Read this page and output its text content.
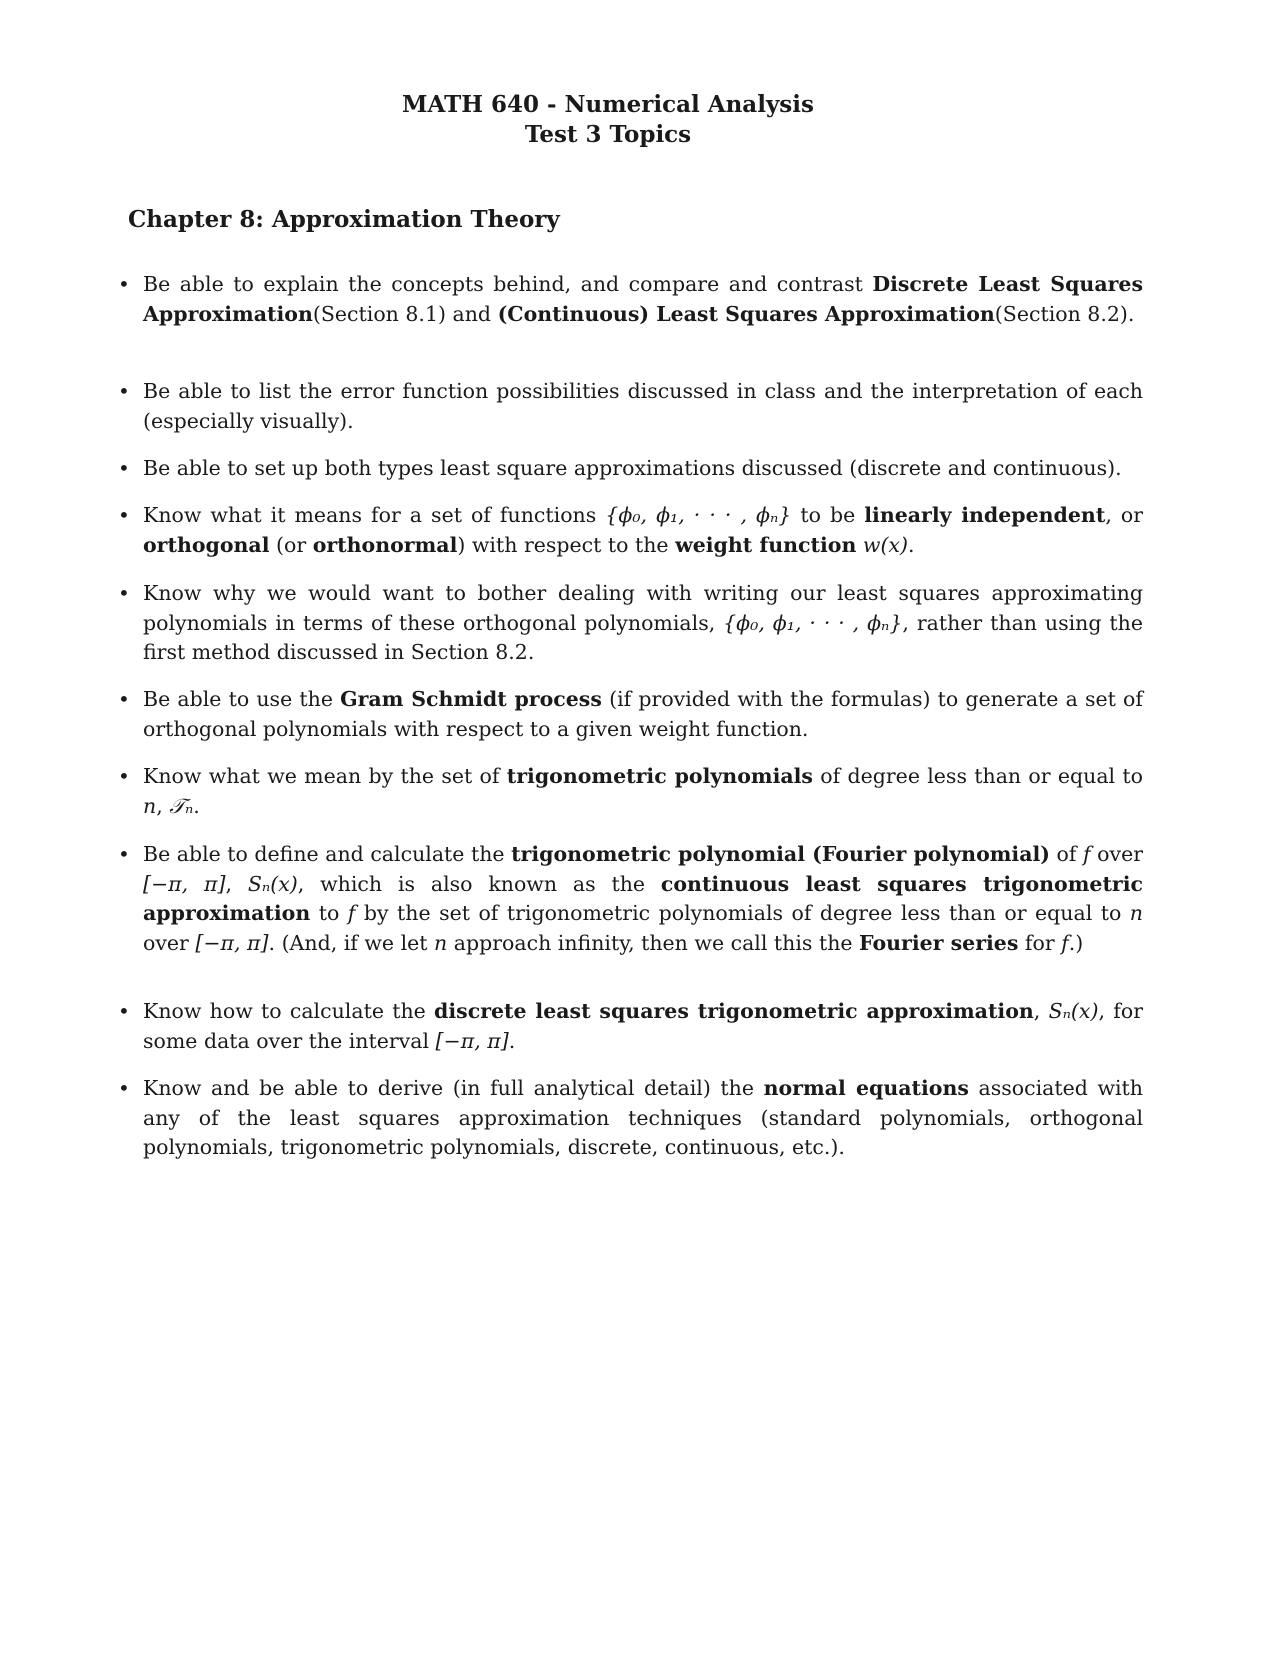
MATH 640 - Numerical Analysis

Test 3 Topics

Chapter 8: Approximation Theory

• Be able to explain the concepts behind, and compare and contrast Discrete Least Squares Approximation(Section 8.1) and (Continuous) Least Squares Approximation(Section 8.2).
• Be able to list the error function possibilities discussed in class and the interpretation of each (especially visually).
• Be able to set up both types least square approximations discussed (discrete and continuous).
• Know what it means for a set of functions {ϕ₀, ϕ₁, · · · , ϕₙ} to be linearly independent, or orthogonal (or orthonormal) with respect to the weight function w(x).
• Know why we would want to bother dealing with writing our least squares approximating polynomials in terms of these orthogonal polynomials, {ϕ₀, ϕ₁, · · · , ϕₙ}, rather than using the first method discussed in Section 8.2.
• Be able to use the Gram Schmidt process (if provided with the formulas) to generate a set of orthogonal polynomials with respect to a given weight function.
• Know what we mean by the set of trigonometric polynomials of degree less than or equal to n, 𝒯ₙ.
• Be able to define and calculate the trigonometric polynomial (Fourier polynomial) of f over [−π, π], Sₙ(x), which is also known as the continuous least squares trigonometric approximation to f by the set of trigonometric polynomials of degree less than or equal to n over [−π, π]. (And, if we let n approach infinity, then we call this the Fourier series for f.)
• Know how to calculate the discrete least squares trigonometric approximation, Sₙ(x), for some data over the interval [−π, π].
• Know and be able to derive (in full analytical detail) the normal equations associated with any of the least squares approximation techniques (standard polynomials, orthogonal polynomials, trigonometric polynomials, discrete, continuous, etc.).
